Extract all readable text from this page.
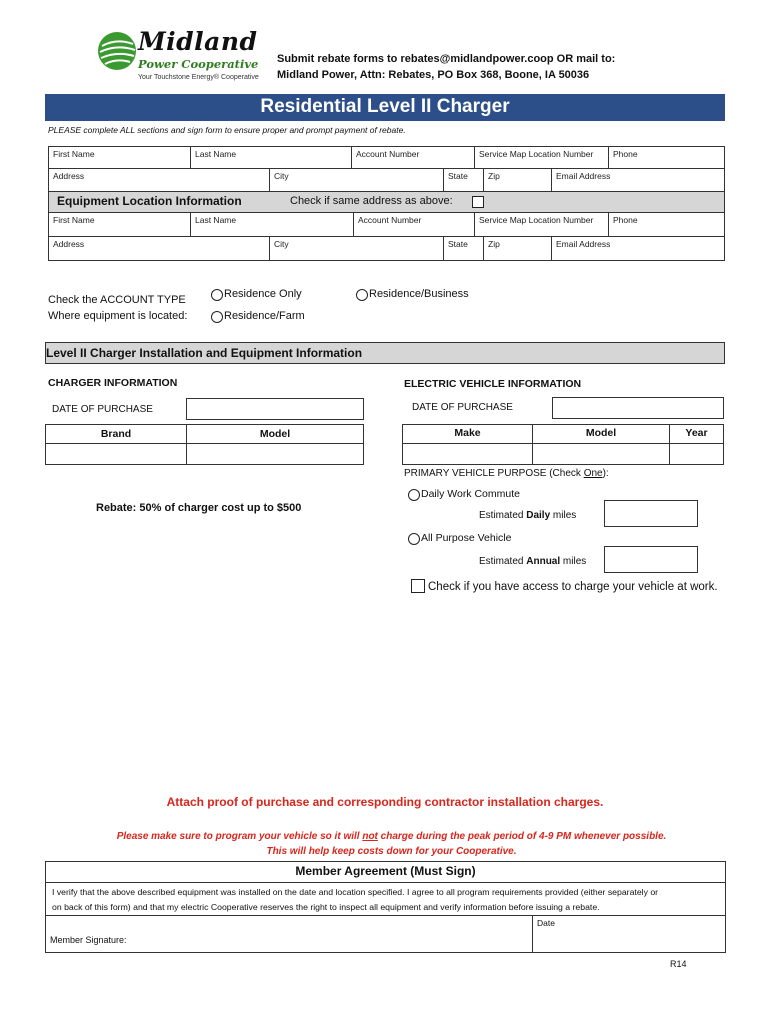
Midland
Power Cooperative
Your Touchstone Energy® Cooperative
Submit rebate forms to rebates@midlandpower.coop OR mail to:
Midland Power, Attn: Rebates, PO Box 368, Boone, IA 50036
Residential Level II Charger
PLEASE complete ALL sections and sign form to ensure proper and prompt payment of rebate.
First Name	Last Name	Account Number	Service Map Location Number Phone
Address	City	State Zip	Email Address
Equipment Location Information	Check if same address as above:
First Name	Last Name	Account Number	Service Map Location Number Phone
Address	City	State Zip	Email Address
Check the ACCOUNT TYPE
Where equipment is located:
Residence Only	Residence/Business
Residence/Farm
Level II Charger Installation and Equipment Information
CHARGER INFORMATION
DATE OF PURCHASE
Brand	Model
Rebate: 50% of charger cost up to $500
ELECTRIC VEHICLE INFORMATION
DATE OF PURCHASE
Make	Model	Year
PRIMARY VEHICLE PURPOSE (Check One):
Daily Work Commute
Estimated Daily miles
All Purpose Vehicle
Estimated Annual miles
Check if you have access to charge your vehicle at work.
Attach proof of purchase and corresponding contractor installation charges.
Please make sure to program your vehicle so it will not charge during the peak period of 4-9 PM whenever possible.
This will help keep costs down for your Cooperative.
Member Agreement (Must Sign)
I verify that the above described equipment was installed on the date and location specified. I agree to all program requirements provided (either separately or
on back of this form) and that my electric Cooperative reserves the right to inspect all equipment and verify information before issuing a rebate.
Member Signature:
Date
R14
